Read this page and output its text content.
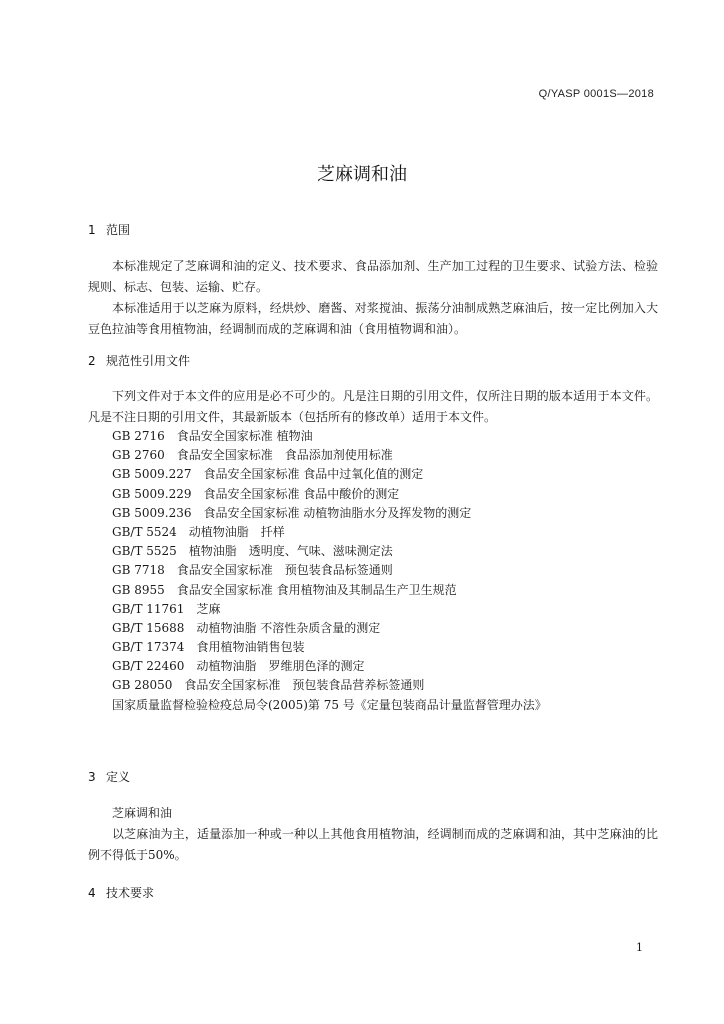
Q/YASP 0001S—2018
芝麻调和油
1 范围

本标准规定了芝麻调和油的定义、技术要求、食品添加剂、生产加工过程的卫生要求、试验方法、检验规则、标志、包装、运输、贮存。

本标准适用于以芝麻为原料，经烘炒、磨酱、对浆搅油、振荡分油制成熟芝麻油后，按一定比例加入大豆色拉油等食用植物油，经调制而成的芝麻调和油（食用植物调和油）。

2 规范性引用文件

下列文件对于本文件的应用是必不可少的。凡是注日期的引用文件，仅所注日期的版本适用于本文件。凡是不注日期的引用文件，其最新版本（包括所有的修改单）适用于本文件。

GB 2716　食品安全国家标准 植物油
GB 2760　食品安全国家标准　食品添加剂使用标准
GB 5009.227　食品安全国家标准 食品中过氧化值的测定
GB 5009.229　食品安全国家标准 食品中酸价的测定
GB 5009.236　食品安全国家标准 动植物油脂水分及挥发物的测定
GB/T 5524　动植物油脂　扦样
GB/T 5525　植物油脂　透明度、气味、滋味测定法
GB 7718　食品安全国家标准　预包装食品标签通则
GB 8955　食品安全国家标准 食用植物油及其制品生产卫生规范
GB/T 11761　芝麻
GB/T 15688　动植物油脂 不溶性杂质含量的测定
GB/T 17374　食用植物油销售包装
GB/T 22460　动植物油脂　罗维朋色泽的测定
GB 28050　食品安全国家标准　预包装食品营养标签通则
国家质量监督检验检疫总局令(2005)第 75 号《定量包装商品计量监督管理办法》
3 定义

芝麻调和油

以芝麻油为主，适量添加一种或一种以上其他食用植物油，经调制而成的芝麻调和油，其中芝麻油的比例不得低于50%。

4 技术要求
1
